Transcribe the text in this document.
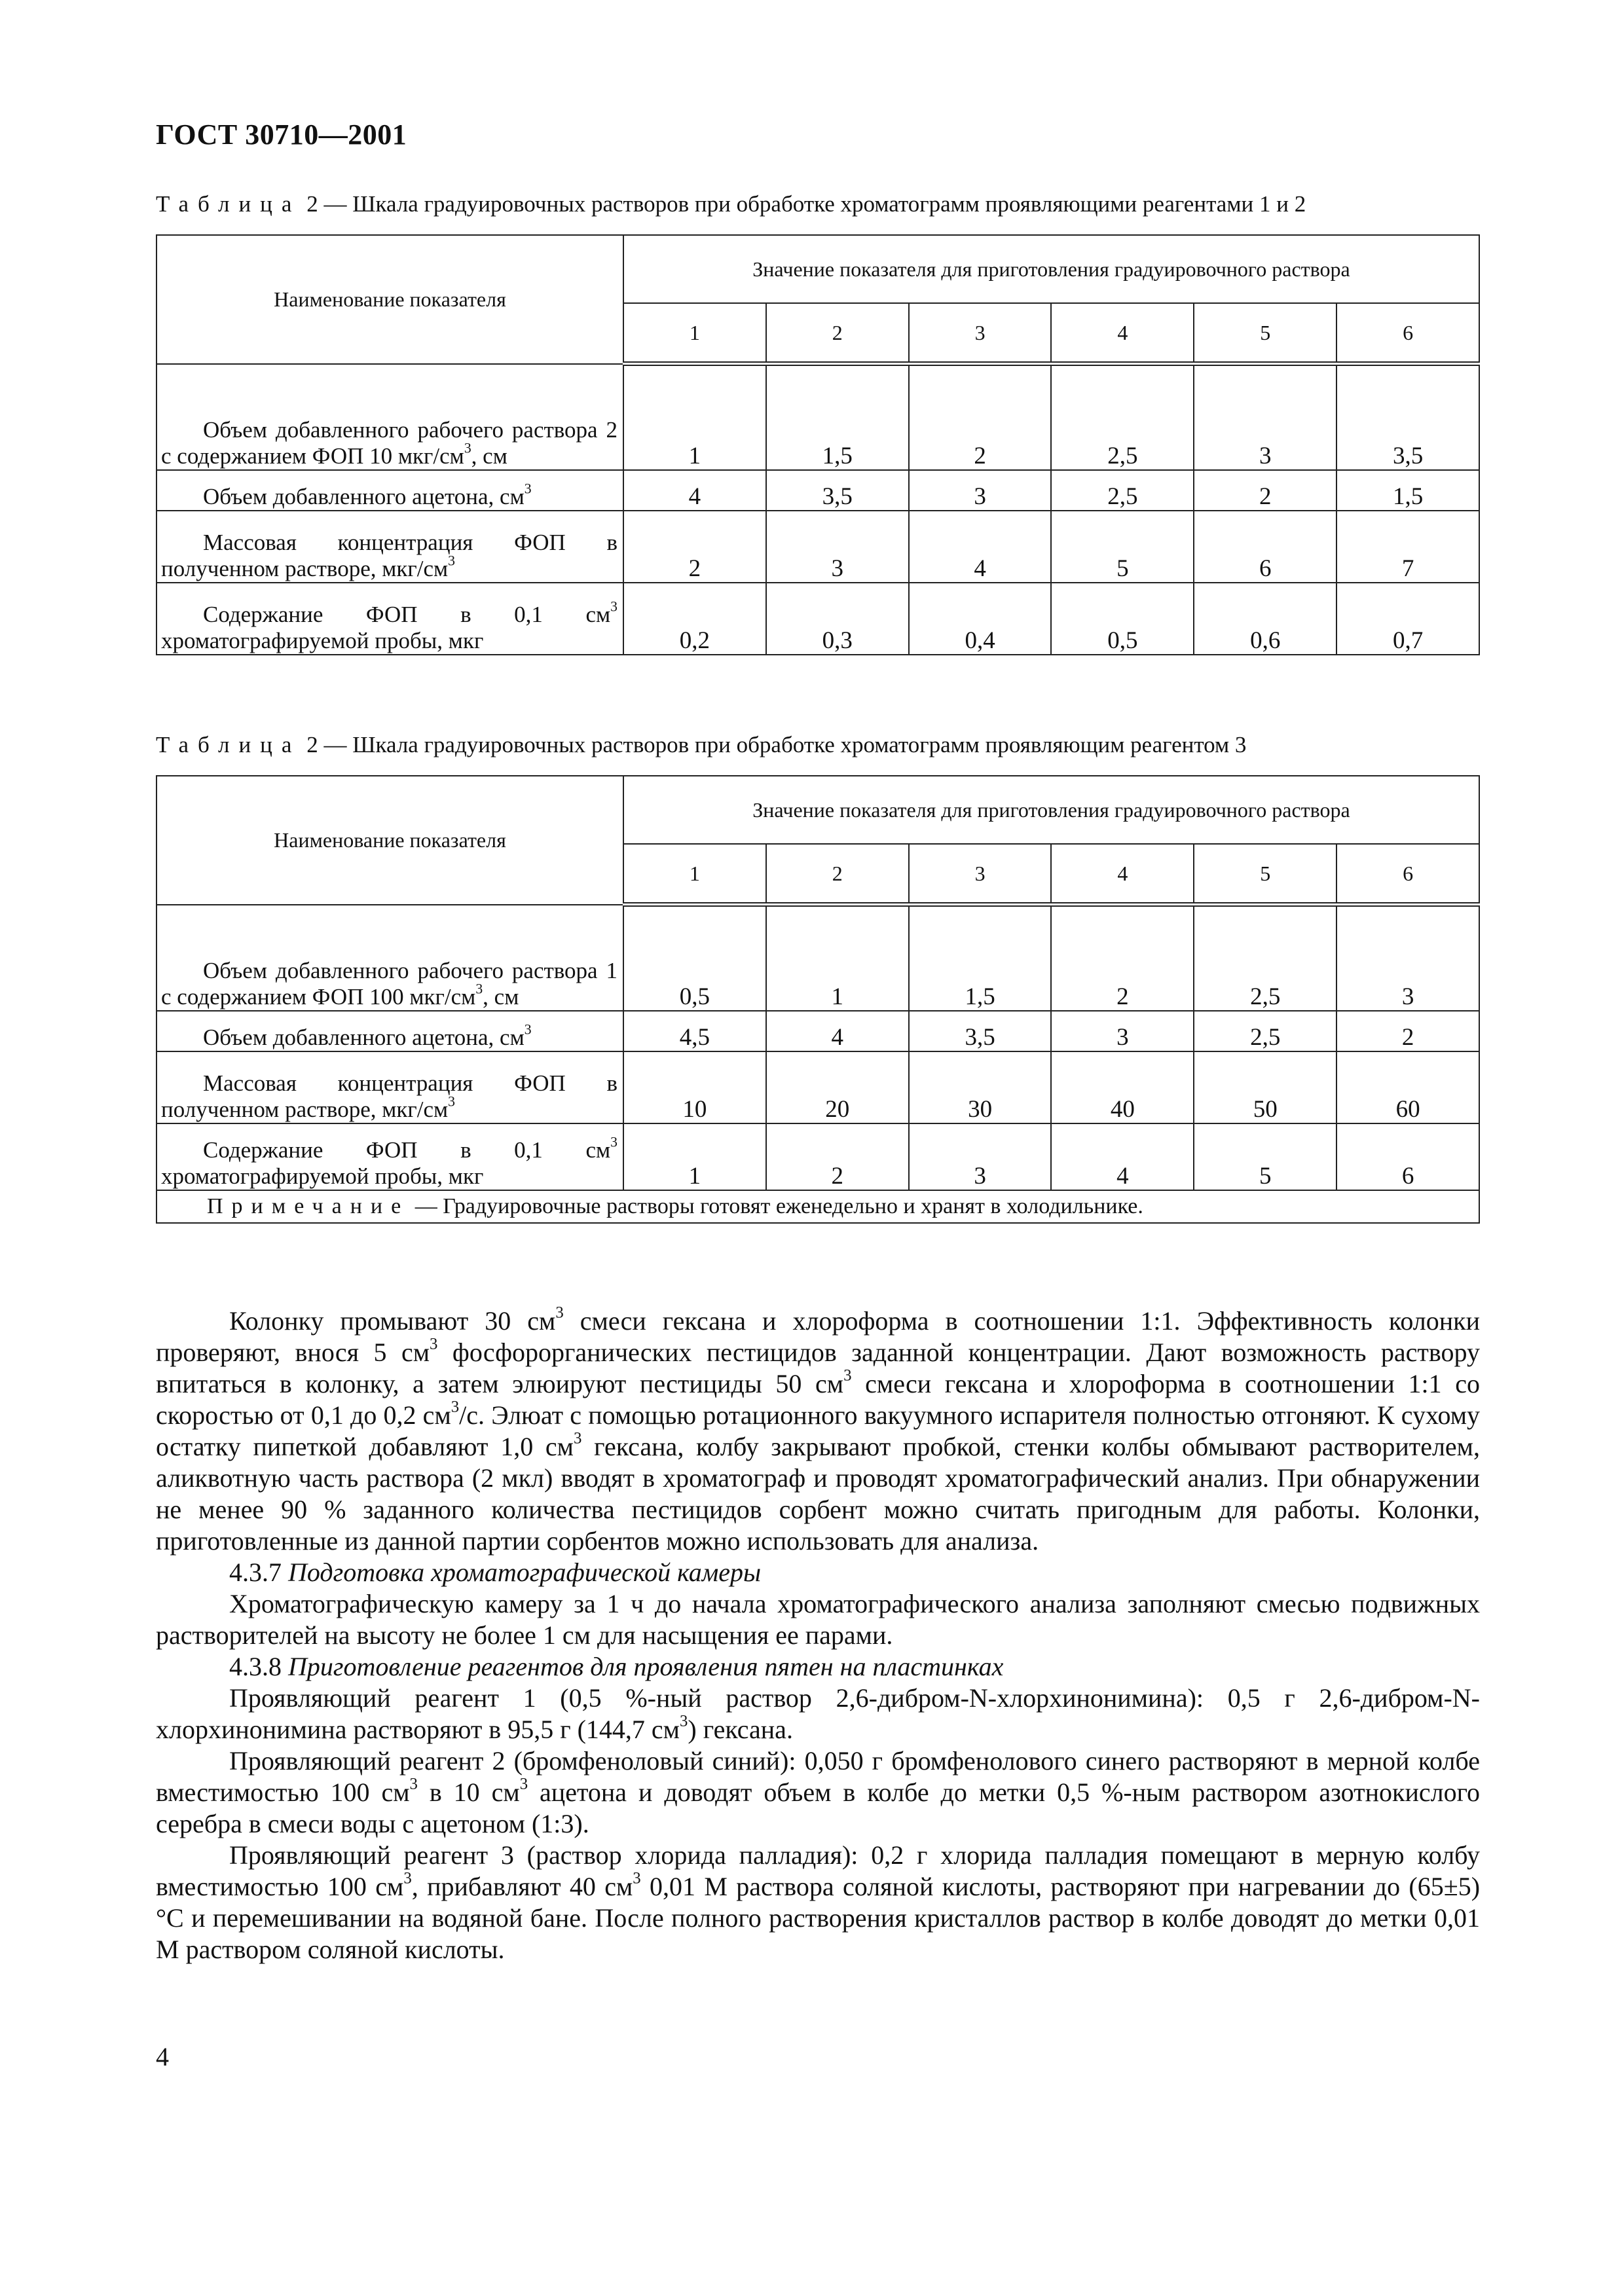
ГОСТ 30710—2001
Таблица 2 — Шкала градуировочных растворов при обработке хроматограмм проявляющими реагентами 1 и 2
Наименование показателя	Значение показателя для приготовления градуировочного раствора					
	1	2	3	4	5	6
Объем добавленного рабочего раствора 2 с содержанием ФОП 10 мкг/$см^3$, см	1	1,5	2	2,5	3	3,5
Объем добавленного ацетона, $см^3$	4	3,5	3	2,5	2	1,5
Массовая концентрация ФОП в полученном растворе, мкг/$см^3$	2	3	4	5	6	7
Содержание ФОП в 0,1 $см^3$ хроматографируемой пробы, мкг	0,2	0,3	0,4	0,5	0,6	0,7
Таблица 2 — Шкала градуировочных растворов при обработке хроматограмм проявляющим реагентом 3
Наименование показателя	Значение показателя для приготовления градуировочного раствора					
	1	2	3	4	5	6
Объем добавленного рабочего раствора 1 с содержанием ФОП 100 мкг/$см^3$, см	0,5	1	1,5	2	2,5	3
Объем добавленного ацетона, $см^3$	4,5	4	3,5	3	2,5	2
Массовая концентрация ФОП в полученном растворе, мкг/$см^3$	10	20	30	40	50	60
Содержание ФОП в 0,1 $см^3$ хроматографируемой пробы, мкг	1	2	3	4	5	6
Примечание — Градуировочные растворы готовят еженедельно и хранят в холодильнике.						

Колонку промывают 30 $см^3$ смеси гексана и хлороформа в соотношении 1:1. Эффективность колонки проверяют, внося 5 $см^3$ фосфорорганических пестицидов заданной концентрации. Дают возможность раствору впитаться в колонку, а затем элюируют пестициды 50 $см^3$ смеси гексана и хлороформа в соотношении 1:1 со скоростью от 0,1 до 0,2 $см^3/с$. Элюат с помощью ротационного вакуумного испарителя полностью отгоняют. К сухому остатку пипеткой добавляют 1,0 $см^3$ гексана, колбу закрывают пробкой, стенки колбы обмывают растворителем, аликвотную часть раствора (2 мкл) вводят в хроматограф и проводят хроматографический анализ. При обнаружении не менее 90 % заданного количества пестицидов сорбент можно считать пригодным для работы. Колонки, приготовленные из данной партии сорбентов можно использовать для анализа.

4.3.7 Подготовка хроматографической камеры

Хроматографическую камеру за 1 ч до начала хроматографического анализа заполняют смесью подвижных растворителей на высоту не более 1 см для насыщения ее парами.

4.3.8 Приготовление реагентов для проявления пятен на пластинках

Проявляющий реагент 1 (0,5 %-ный раствор 2,6-дибром-N-хлорхинонимина): 0,5 г 2,6-дибром-N-хлорхинонимина растворяют в 95,5 г (144,7 $см^3$) гексана.

Проявляющий реагент 2 (бромфеноловый синий): 0,050 г бромфенолового синего растворяют в мерной колбе вместимостью 100 $см^3$ в 10 $см^3$ ацетона и доводят объем в колбе до метки 0,5 %-ным раствором азотнокислого серебра в смеси воды с ацетоном (1:3).

Проявляющий реагент 3 (раствор хлорида палладия): 0,2 г хлорида палладия помещают в мерную колбу вместимостью 100 $см^3$, прибавляют 40 $см^3$ 0,01 М раствора соляной кислоты, растворяют при нагревании до (65±5) °С и перемешивании на водяной бане. После полного растворения кристаллов раствор в колбе доводят до метки 0,01 М раствором соляной кислоты.

4
